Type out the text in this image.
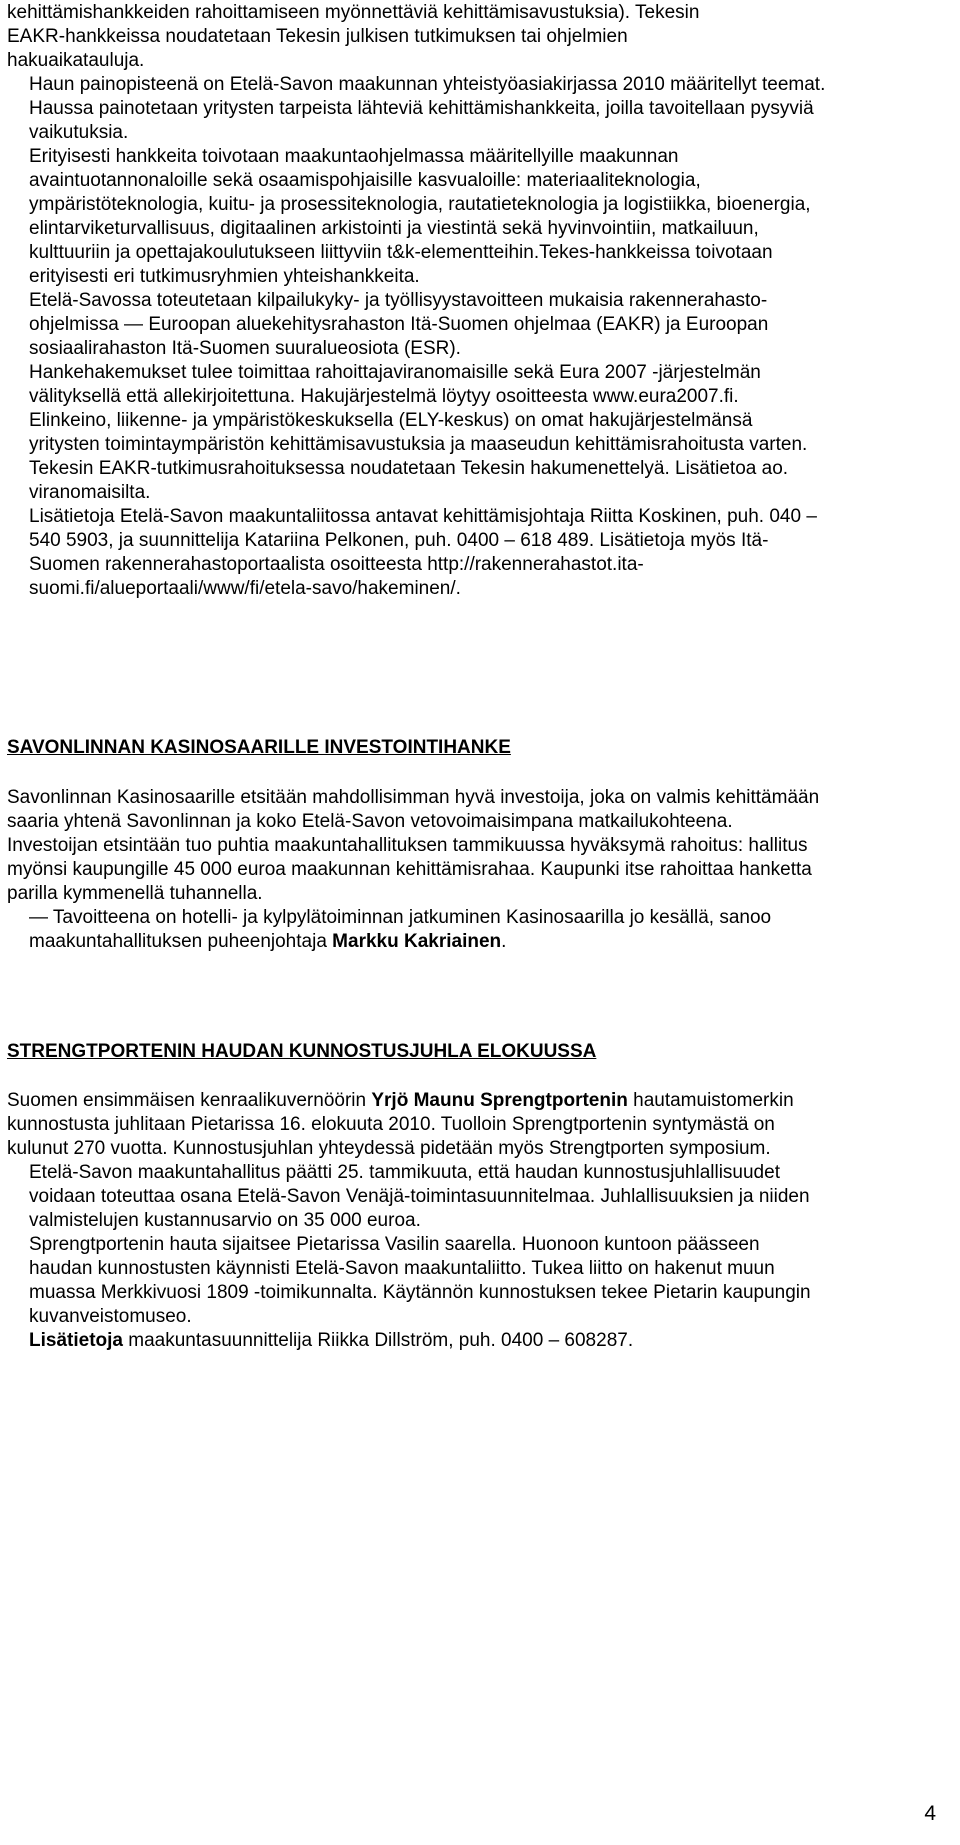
kehittämishankkeiden rahoittamiseen myönnettäviä kehittämisavustuksia). Tekesin
EAKR-hankkeissa noudatetaan Tekesin julkisen tutkimuksen tai ohjelmien
hakuaikatauluja.

Haun painopisteenä on Etelä-Savon maakunnan yhteistyöasiakirjassa 2010 määritellyt teemat. Haussa painotetaan yritysten tarpeista lähteviä kehittämishankkeita, joilla tavoitellaan pysyviä vaikutuksia.

Erityisesti hankkeita toivotaan maakuntaohjelmassa määritellyille maakunnan avaintuotannonaloille sekä osaamispohjaisille kasvualoille: materiaaliteknologia, ympäristöteknologia, kuitu- ja prosessiteknologia, rautatieteknologia ja logistiikka, bioenergia, elintarviketurvallisuus, digitaalinen arkistointi ja viestintä sekä hyvinvointiin, matkailuun, kulttuuriin ja opettajakoulutukseen liittyviin t&k-elementteihin.Tekes-hankkeissa toivotaan erityisesti eri tutkimusryhmien yhteishankkeita.

Etelä-Savossa toteutetaan kilpailukyky- ja työllisyystavoitteen mukaisia rakennerahasto-ohjelmissa — Euroopan aluekehitysrahaston Itä-Suomen ohjelmaa (EAKR) ja Euroopan sosiaalirahaston Itä-Suomen suuralueosiota (ESR).

Hankehakemukset tulee toimittaa rahoittajaviranomaisille sekä Eura 2007 -järjestelmän välityksellä että allekirjoitettuna. Hakujärjestelmä löytyy osoitteesta www.eura2007.fi.

Elinkeino, liikenne- ja ympäristökeskuksella (ELY-keskus) on omat hakujärjestelmänsä yritysten toimintaympäristön kehittämisavustuksia ja maaseudun kehittämisrahoitusta varten. Tekesin EAKR-tutkimusrahoituksessa noudatetaan Tekesin hakumenettelyä. Lisätietoa ao. viranomaisilta.

Lisätietoja Etelä-Savon maakuntaliitossa antavat kehittämisjohtaja Riitta Koskinen, puh. 040 – 540 5903, ja suunnittelija Katariina Pelkonen, puh. 0400 – 618 489. Lisätietoja myös Itä-Suomen rakennerahastoportaalista osoitteesta http://rakennerahastot.ita-suomi.fi/alueportaali/www/fi/etela-savo/hakeminen/.

SAVONLINNAN KASINOSAARILLE INVESTOINTIHANKE

Savonlinnan Kasinosaarille etsitään mahdollisimman hyvä investoija, joka on valmis kehittämään saaria yhtenä Savonlinnan ja koko Etelä-Savon vetovoimaisimpana matkailukohteena. Investoijan etsintään tuo puhtia maakuntahallituksen tammikuussa hyväksymä rahoitus: hallitus myönsi kaupungille 45 000 euroa maakunnan kehittämisrahaa. Kaupunki itse rahoittaa hanketta parilla kymmenellä tuhannella.

— Tavoitteena on hotelli- ja kylpylätoiminnan jatkuminen Kasinosaarilla jo kesällä, sanoo maakuntahallituksen puheenjohtaja Markku Kakriainen.

STRENGTPORTENIN HAUDAN KUNNOSTUSJUHLA ELOKUUSSA

Suomen ensimmäisen kenraalikuvernöörin Yrjö Maunu Sprengtportenin hautamuistomerkin kunnostusta juhlitaan Pietarissa 16. elokuuta 2010. Tuolloin Sprengtportenin syntymästä on kulunut 270 vuotta. Kunnostusjuhlan yhteydessä pidetään myös Strengtporten symposium.

Etelä-Savon maakuntahallitus päätti 25. tammikuuta, että haudan kunnostusjuhlallisuudet voidaan toteuttaa osana Etelä-Savon Venäjä-toimintasuunnitelmaa. Juhlallisuuksien ja niiden valmistelujen kustannusarvio on 35 000 euroa.

Sprengtportenin hauta sijaitsee Pietarissa Vasilin saarella. Huonoon kuntoon päässeen haudan kunnostusten käynnisti Etelä-Savon maakuntaliitto. Tukea liitto on hakenut muun muassa Merkkivuosi 1809 -toimikunnalta. Käytännön kunnostuksen tekee Pietarin kaupungin kuvanveistomuseo.

Lisätietoja maakuntasuunnittelija Riikka Dillström, puh. 0400 – 608287.

4
